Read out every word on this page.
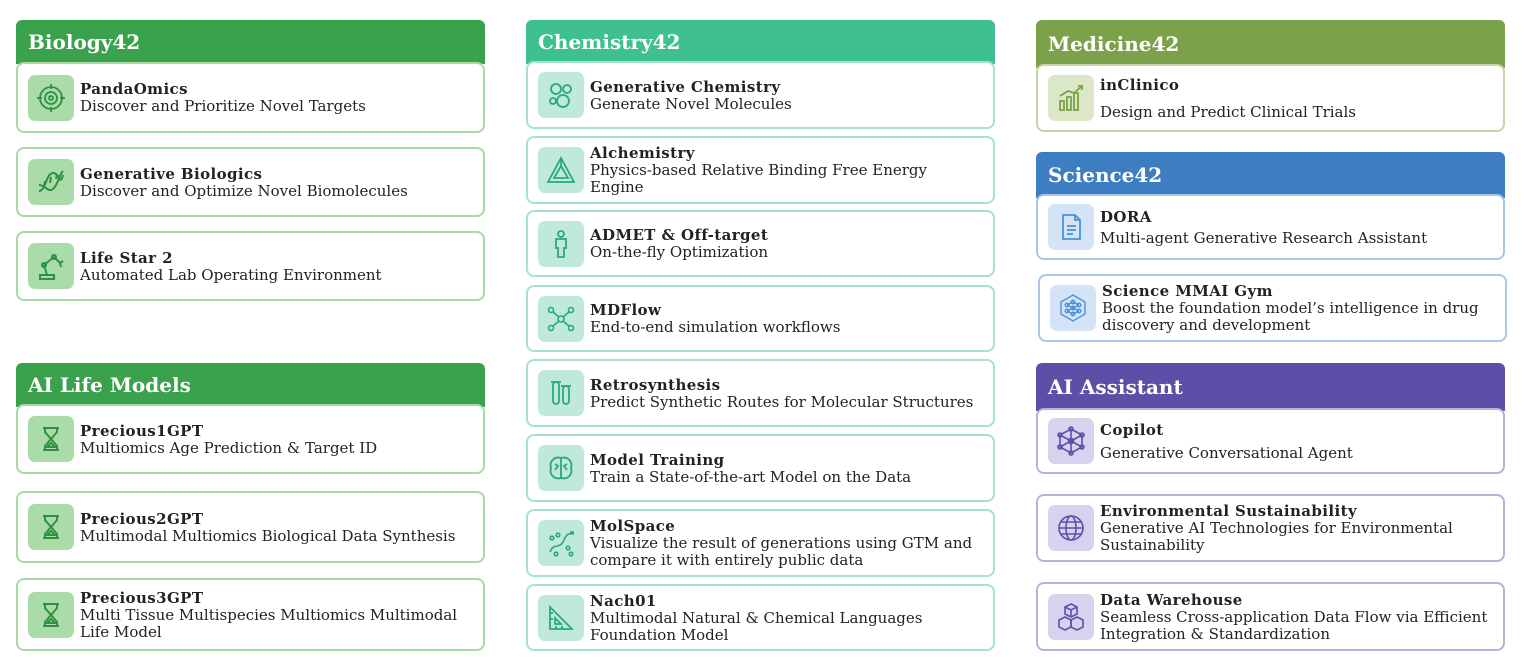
Biology42
PandaOmics
Discover and Prioritize Novel Targets
Generative Biologics
Discover and Optimize Novel Biomolecules
Life Star 2
Automated Lab Operating Environment
AI Life Models
Precious1GPT
Multiomics Age Prediction & Target ID
Precious2GPT
Multimodal Multiomics Biological Data Synthesis
Precious3GPT
Multi Tissue Multispecies Multiomics Multimodal Life Model
Chemistry42
Generative Chemistry
Generate Novel Molecules
Alchemistry
Physics-based Relative Binding Free Energy Engine
ADMET & Off-target
On-the-fly Optimization
MDFlow
End-to-end simulation workflows
Retrosynthesis
Predict Synthetic Routes for Molecular Structures
Model Training
Train a State-of-the-art Model on the Data
MolSpace
Visualize the result of generations using GTM and compare it with entirely public data
Nach01
Multimodal Natural & Chemical Languages Foundation Model
Medicine42
inClinico
Design and Predict Clinical Trials
Science42
DORA
Multi-agent Generative Research Assistant
Science MMAI Gym
Boost the foundation model’s intelligence in drug discovery and development
AI Assistant
Copilot
Generative Conversational Agent
Environmental Sustainability
Generative AI Technologies for Environmental Sustainability
Data Warehouse
Seamless Cross-application Data Flow via Efficient Integration & Standardization
